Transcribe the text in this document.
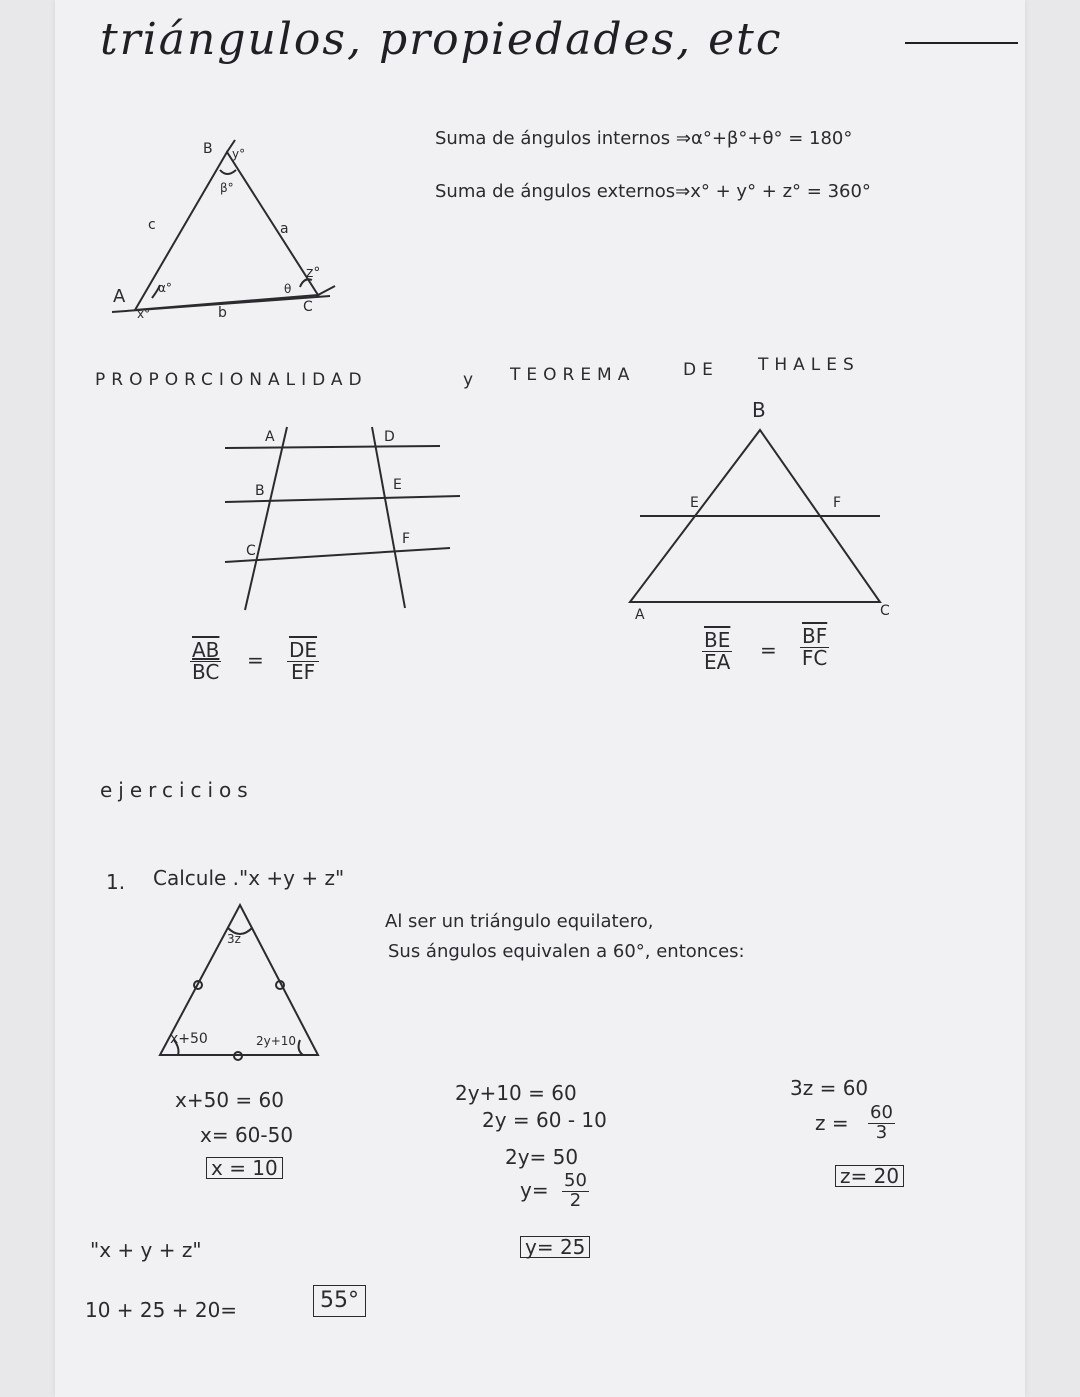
triángulos, propiedades, etc
B y°
β°
c	a
A	α°
x°	b
θ
z°
C
Suma de ángulos internos ⇒α°+β°+θ° = 180°
Suma de ángulos externos⇒x° + y° + z° = 360°
PROPORCIONALIDAD	y TEOREMA	DE THALES
A
B
C
D
E
F
$\frac{\overline{AB}}{BC} = \frac{\overline{DE}}{EF}$
B
E	F
A	C
$\frac{\overline{BE}}{EA} = \frac{\overline{BF}}{FC}$
ejercicios
1. Calcule ."x +y + z"
3z
x+50	2y+10
Al ser un triángulo equilatero,
Sus ángulos equivalen a 60°, entonces:
x+50 = 60
x= 60-50
x = 10
2y+10 = 60
2y = 60 - 10
2y= 50
$y= \frac{50}{2}$
y= 25
3z = 60
$z = \frac{60}{3}$
z= 20
"x + y + z"
10 + 25 + 20=	55°
